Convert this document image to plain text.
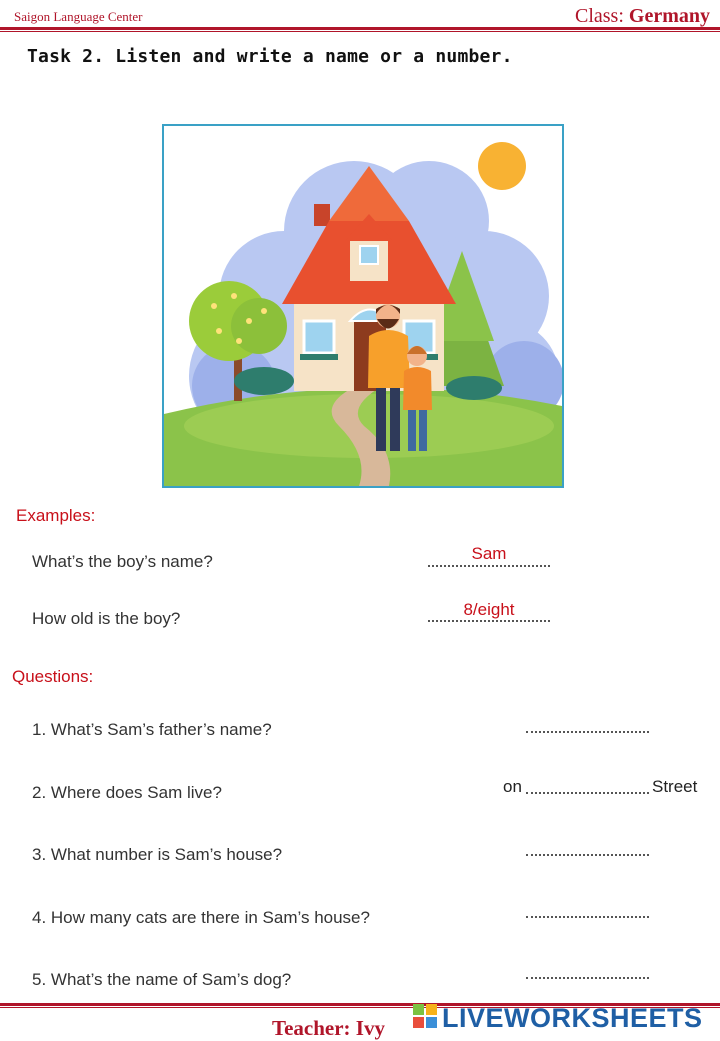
Saigon Language Center	Class: Germany
Task 2. Listen and write a name or a number.
Examples:
What’s the boy’s name?	Sam
How old is the boy?	8/eight
Questions:
1. What’s Sam’s father’s name?
2. Where does Sam live?	on	Street
3. What number is Sam’s house?
4. How many cats are there in Sam’s house?
5. What’s the name of Sam’s dog?
Teacher: Ivy LIVEWORKSHEETS
